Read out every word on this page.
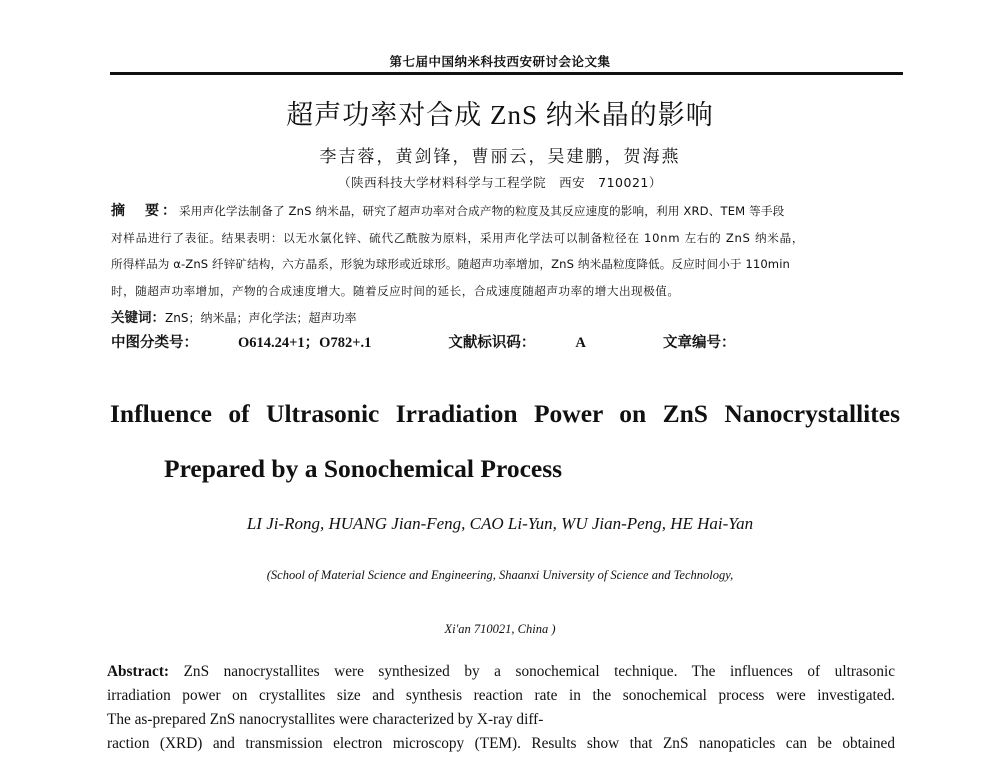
第七届中国纳米科技西安研讨会论文集
超声功率对合成 ZnS 纳米晶的影响
李吉蓉，黄剑锋，曹丽云，吴建鹏，贺海燕
（陕西科技大学材料科学与工程学院　西安　710021）
摘　要：采用声化学法制备了 ZnS 纳米晶，研究了超声功率对合成产物的粒度及其反应速度的影响，利用 XRD、TEM 等手段
对样品进行了表征。结果表明：以无水氯化锌、硫代乙酰胺为原料，采用声化学法可以制备粒径在 10nm 左右的 ZnS 纳米晶，
所得样品为 α-ZnS 纤锌矿结构，六方晶系，形貌为球形或近球形。随超声功率增加，ZnS 纳米晶粒度降低。反应时间小于 110min
时，随超声功率增加，产物的合成速度增大。随着反应时间的延长，合成速度随超声功率的增大出现极值。
关键词：ZnS；纳米晶；声化学法；超声功率
中图分类号：	O614.24+1；O782+.1	文献标识码：	A	文章编号：
Influence of Ultrasonic Irradiation Power on ZnS Nanocrystallites
Prepared by a Sonochemical Process
LI Ji-Rong, HUANG Jian-Feng, CAO Li-Yun, WU Jian-Peng, HE Hai-Yan
(School of Material Science and Engineering, Shaanxi University of Science and Technology,
Xi'an 710021, China )
Abstract: ZnS nanocrystallites were synthesized by a sonochemical technique. The influences of ultrasonic
irradiation power on crystallites size and synthesis reaction rate in the sonochemical process were investigated.
The as-prepared ZnS nanocrystallites were characterized by X-ray diff-
raction (XRD) and transmission electron microscopy (TEM). Results show that ZnS nanopaticles can be obtained
